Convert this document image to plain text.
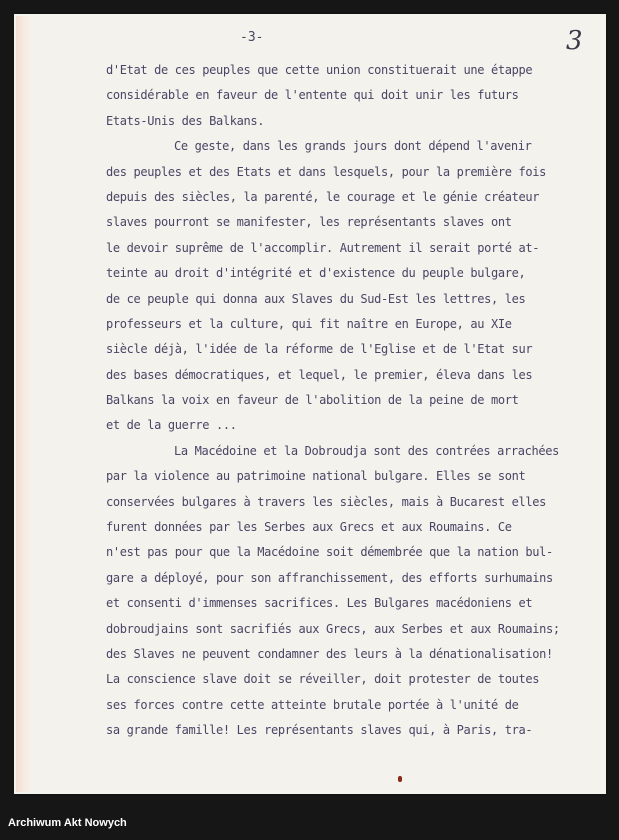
-3-	3
d'Etat de ces peuples que cette union constituerait une étappe
considérable en faveur de l'entente qui doit unir les futurs
Etats-Unis des Balkans.
Ce geste, dans les grands jours dont dépend l'avenir
des peuples et des Etats et dans lesquels, pour la première fois
depuis des siècles, la parenté, le courage et le génie créateur
slaves pourront se manifester, les représentants slaves ont
le devoir suprême de l'accomplir. Autrement il serait porté at-
teinte au droit d'intégrité et d'existence du peuple bulgare,
de ce peuple qui donna aux Slaves du Sud-Est les lettres, les
professeurs et la culture, qui fit naître en Europe, au XIe
siècle déjà, l'idée de la réforme de l'Eglise et de l'Etat sur
des bases démocratiques, et lequel, le premier, éleva dans les
Balkans la voix en faveur de l'abolition de la peine de mort
et de la guerre ...
La Macédoine et la Dobroudja sont des contrées arrachées
par la violence au patrimoine national bulgare. Elles se sont
conservées bulgares à travers les siècles, mais à Bucarest elles
furent données par les Serbes aux Grecs et aux Roumains. Ce
n'est pas pour que la Macédoine soit démembrée que la nation bul-
gare a déployé, pour son affranchissement, des efforts surhumains
et consenti d'immenses sacrifices. Les Bulgares macédoniens et
dobroudjains sont sacrifiés aux Grecs, aux Serbes et aux Roumains;
des Slaves ne peuvent condamner des leurs à la dénationalisation!
La conscience slave doit se réveiller, doit protester de toutes
ses forces contre cette atteinte brutale portée à l'unité de
sa grande famille! Les représentants slaves qui, à Paris, tra-
Archiwum Akt Nowych
